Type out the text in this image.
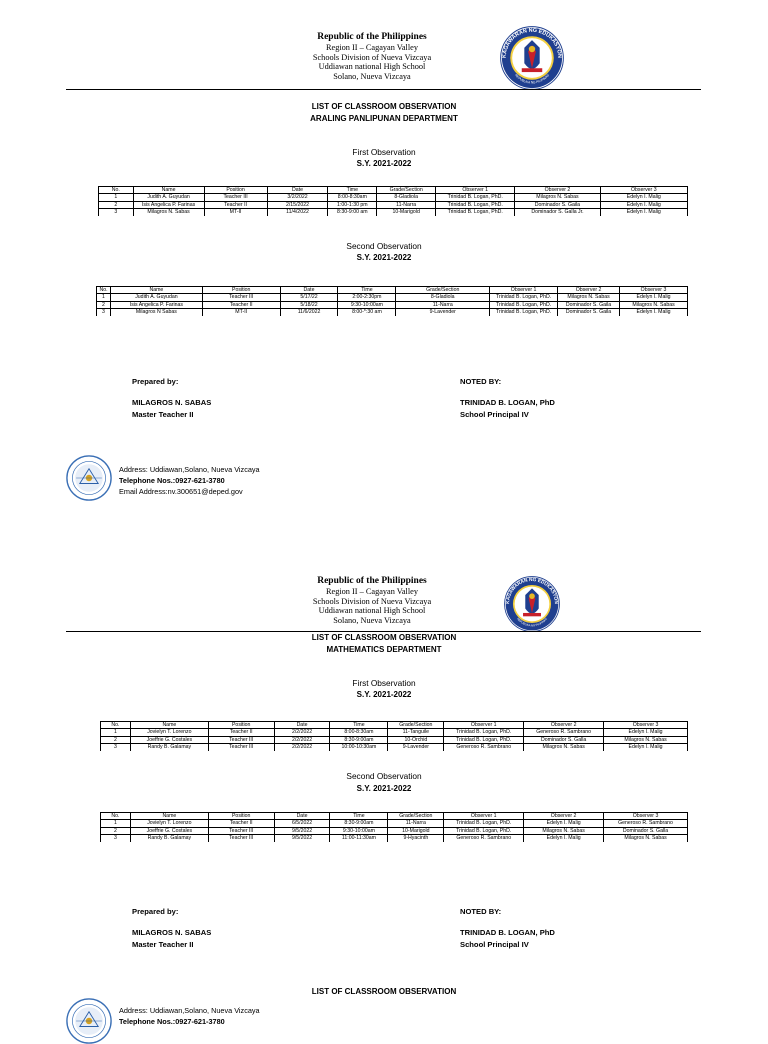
Republic of the Philippines
Region II – Cagayan Valley
Schools Division of Nueva Vizcaya
Uddiawan national High School
Solano, Nueva Vizcaya
LIST OF CLASSROOM OBSERVATION
ARALING PANLIPUNAN DEPARTMENT
First Observation
S.Y. 2021-2022
No.	Name	Position	Date	Time	Grade/Section	Observer 1	Observer 2	Observer 3
1	Judith A. Guyudan	Teacher III	3/2/2022	8:00-8:30am	8-Gladiola	Trinidad B. Logan, PhD.	Milagros N. Sabas	Edelyn I. Malig
2	Isis Angelica P. Farinas	Teacher II	2/15/2022	1:00-1:30 pm	11-Narra	Trinidad B. Logan, PhD.	Dominador S. Gaila	Edelyn I. Malig
3	Milagros N. Sabas	MT-II	11/4/2022	8:30-9:00 am	10-Marigold	Trinidad B. Logan, PhD.	Dominador S. Galla Jr.	Edelyn I. Malig
Second Observation
S.Y. 2021-2022
No.	Name	Position	Date	Time	Grade/Section	Observer 1	Observer 2	Observer 3
1	Judith A. Guyudan	Teacher III	5/17/22	2:00-2:30pm	8-Gladiola	Trinidad B. Logan, PhD.	Milagros N. Sabas	Edelyn I. Malig
2	Isis Angelica P. Farinas	Teacher II	5/18/22	9:30-10:00am	11-Narra	Trinidad B. Logan, PhD.	Dominador S. Gaila	Milagros N. Sabas
3	Milagros N Sabas	MT-II	11/6/2022	8:00-*:30 am	9-Lavender	Trinidad B. Logan, PhD.	Dominador S. Gaila	Edelyn I. Malig
Prepared by:
MILAGROS N. SABAS
Master Teacher II
NOTED BY:
TRINIDAD B. LOGAN, PhD
School Principal IV
Address: Uddiawan,Solano, Nueva Vizcaya
Telephone Nos.:0927-621-3780
Email Address:nv.300651@deped.gov
Republic of the Philippines
Region II – Cagayan Valley
Schools Division of Nueva Vizcaya
Uddiawan national High School
Solano, Nueva Vizcaya
LIST OF CLASSROOM OBSERVATION
MATHEMATICS DEPARTMENT
First Observation
S.Y. 2021-2022
No.	Name	Position	Date	Time	Grade/Section	Observer 1	Observer 2	Observer 3
1	Jovielyn T. Lorenzo	Teacher II	2/2/2022	8:00-8:30am	11-Tanguile	Trinidad B. Logan, PhD.	Generoso R. Sambrano	Edelyn I. Malig
2	Joeffrie G. Costales	Teacher III	2/2/2022	8:30-9:00am	10-Orchid	Trinidad B. Logan, PhD.	Dominador S. Galla	Milagros N. Sabas
3	Randy B. Galamay	Teacher III	2/2/2022	10:00-10:30am	9-Lavender	Generoso R. Sambrano	Milagros N. Sabas	Edelyn I. Malig
Second Observation
S.Y. 2021-2022
No.	Name	Position	Date	Time	Grade/Section	Observer 1	Observer 2	Observer 3
1	Jovielyn T. Lorenzo	Teacher II	6/5/2022	8:30-9:00am	11-Narra	Trinidad B. Logan, PhD.	Edelyn I. Malig	Generoso R. Sambrano
2	Joeffrie G. Costales	Teacher III	9/5/2022	9:30-10:00am	10-Marigold	Trinidad B. Logan, PhD.	Milagros N. Sabas	Dominador S. Galla
3	Randy B. Galamay	Teacher III	9/5/2022	11:00-11:30am	9-Hyacinth	Generoso R. Sambrano	Edelyn I. Malig	Milagros N. Sabas
Prepared by:
MILAGROS N. SABAS
Master Teacher II
NOTED BY:
TRINIDAD B. LOGAN, PhD
School Principal IV
LIST OF CLASSROOM OBSERVATION
Address: Uddiawan,Solano, Nueva Vizcaya
Telephone Nos.:0927-621-3780
